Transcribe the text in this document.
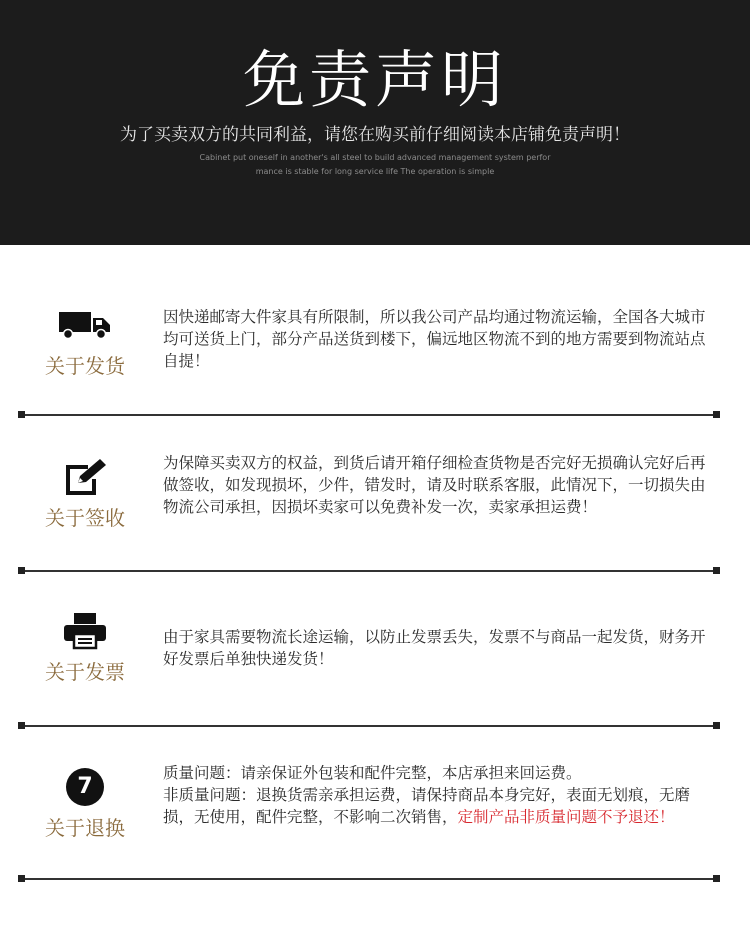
免责声明
为了买卖双方的共同利益，请您在购买前仔细阅读本店铺免责声明！
Cabinet put oneself in another's all steel to build advanced management system perfor
mance is stable for long service life The operation is simple
关于发货
因快递邮寄大件家具有所限制，所以我公司产品均通过物流运输，全国各大城市均可送货上门，部分产品送货到楼下，偏远地区物流不到的地方需要到物流站点自提！
关于签收
为保障买卖双方的权益，到货后请开箱仔细检查货物是否完好无损确认完好后再做签收，如发现损坏，少件，错发时，请及时联系客服，此情况下，一切损失由物流公司承担，因损坏卖家可以免费补发一次，卖家承担运费！
关于发票
由于家具需要物流长途运输，以防止发票丢失，发票不与商品一起发货，财务开好发票后单独快递发货！
7
关于退换
质量问题：请亲保证外包装和配件完整，本店承担来回运费。
非质量问题：退换货需亲承担运费，请保持商品本身完好，表面无划痕，无磨损，无使用，配件完整，不影响二次销售，定制产品非质量问题不予退还！
